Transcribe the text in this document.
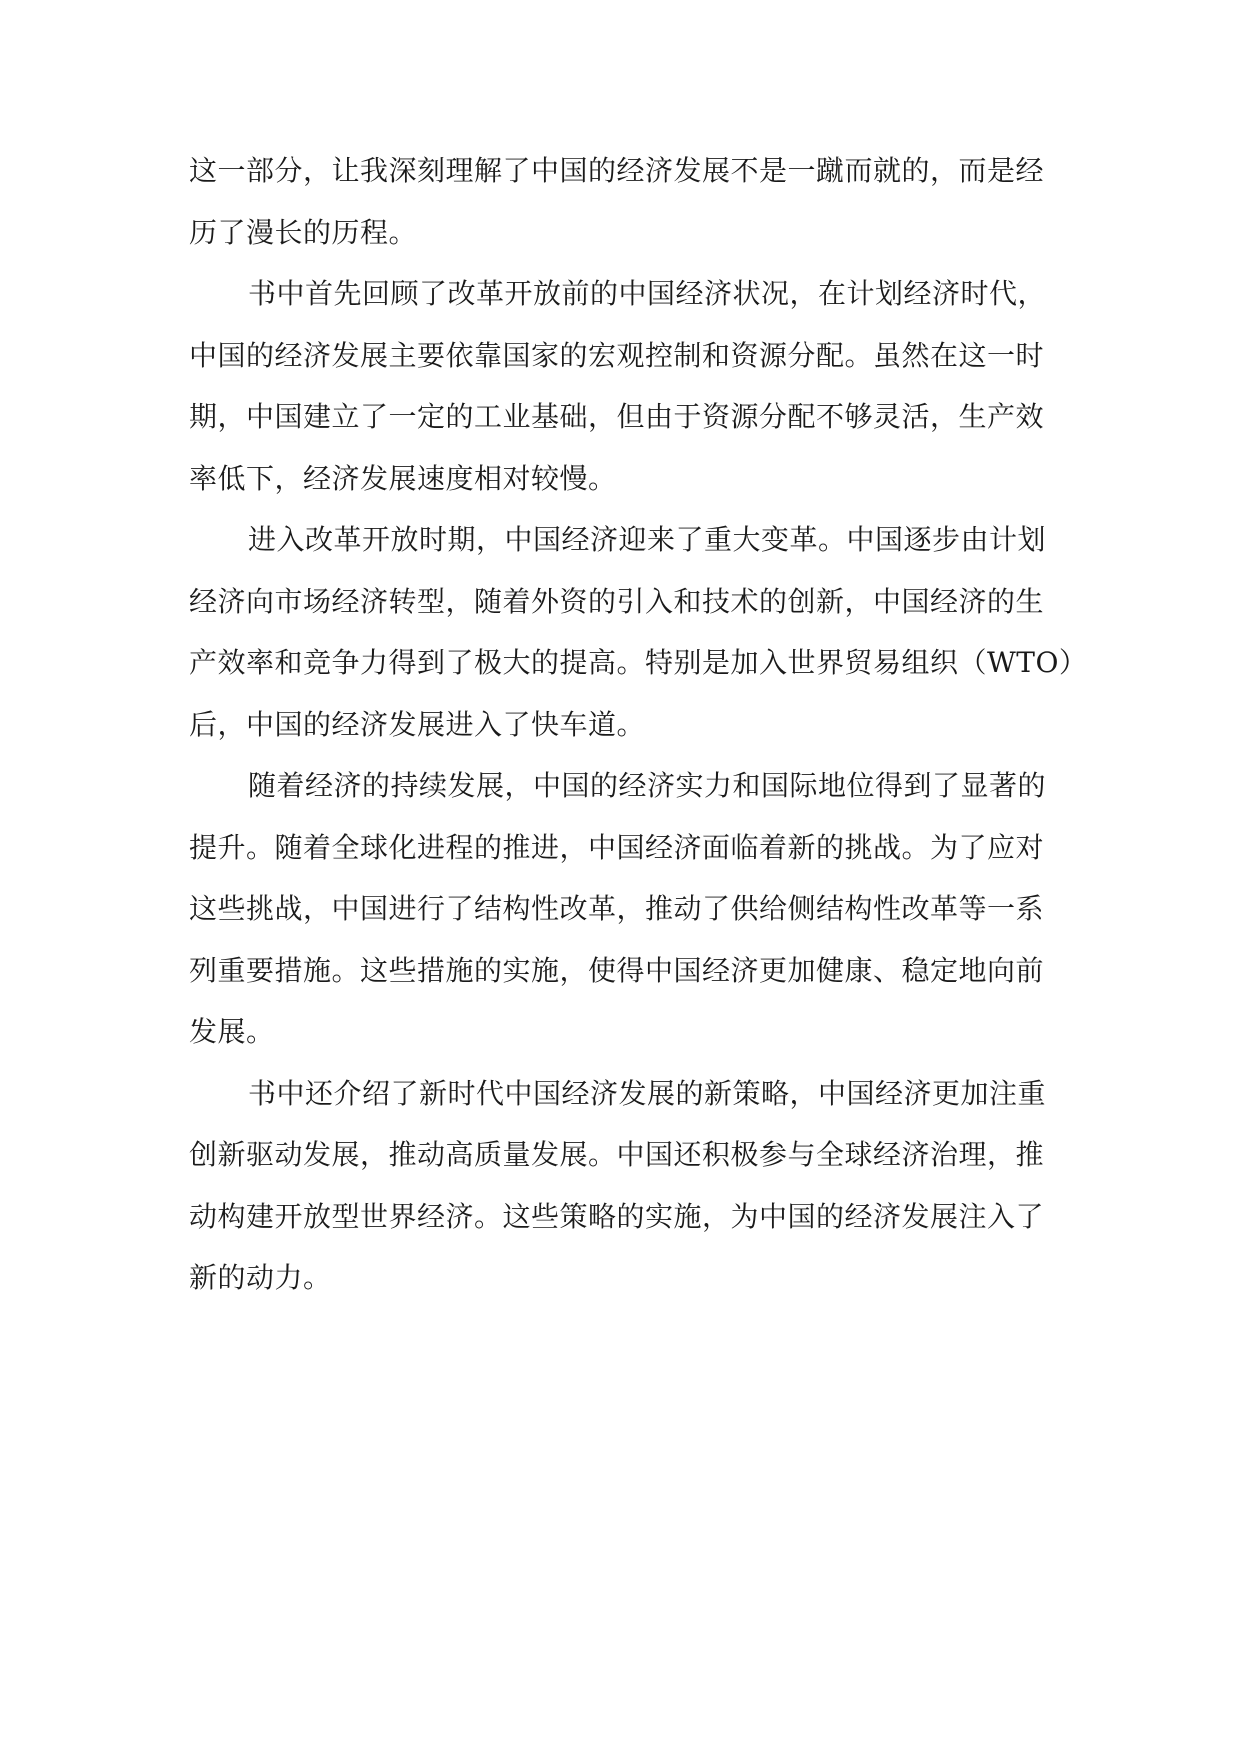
这一部分，让我深刻理解了中国的经济发展不是一蹴而就的，而是经
历了漫长的历程。
书中首先回顾了改革开放前的中国经济状况，在计划经济时代，
中国的经济发展主要依靠国家的宏观控制和资源分配。虽然在这一时
期，中国建立了一定的工业基础，但由于资源分配不够灵活，生产效
率低下，经济发展速度相对较慢。
进入改革开放时期，中国经济迎来了重大变革。中国逐步由计划
经济向市场经济转型，随着外资的引入和技术的创新，中国经济的生
产效率和竞争力得到了极大的提高。特别是加入世界贸易组织（WTO）
后，中国的经济发展进入了快车道。
随着经济的持续发展，中国的经济实力和国际地位得到了显著的
提升。随着全球化进程的推进，中国经济面临着新的挑战。为了应对
这些挑战，中国进行了结构性改革，推动了供给侧结构性改革等一系
列重要措施。这些措施的实施，使得中国经济更加健康、稳定地向前
发展。
书中还介绍了新时代中国经济发展的新策略，中国经济更加注重
创新驱动发展，推动高质量发展。中国还积极参与全球经济治理，推
动构建开放型世界经济。这些策略的实施，为中国的经济发展注入了
新的动力。
